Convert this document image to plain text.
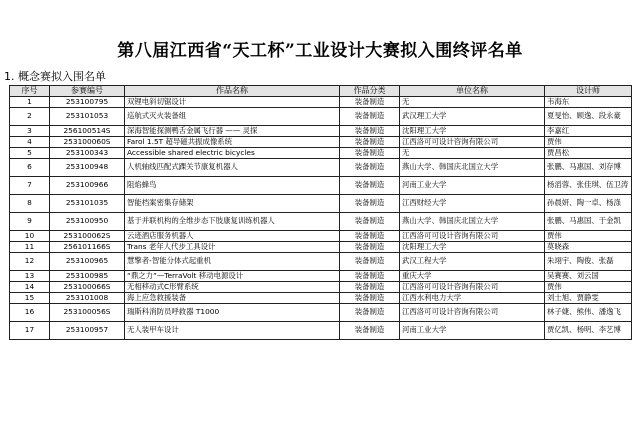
第八届江西省“天工杯”工业设计大赛拟入围终评名单
1. 概念赛拟入围名单
序号	参赛编号	作品名称	作品分类	单位名称	设计师
1	253100795	双锂电斜切锯设计	装备制造	无	韦海东
2	253101053	巡航式灭火装备组	装备制造	武汉理工大学	夏旻怡、顾逸、段永豪
3	256100514S	深海智能探测鸭舌金属飞行器 —— 灵探	装备制造	沈阳理工大学	李嘉红
4	253100060S	Farol 1.5T 超导磁共振成像系统	装备制造	江西洛可可设计咨询有限公司	贾伟
5	253100343	Accessible shared electric bicycles	装备制造	无	贾昌松
6	253100948	人机轴线匹配式踝关节康复机器人	装备制造	燕山大学、韩国庆北国立大学	张鹏、马惠国、刘存博
7	253100966	阻焰蜂鸟	装备制造	河南工业大学	杨滔蓉、张佳琪、伍卫涛
8	253101035	智能档案密集存储架	装备制造	江西财经大学	孙晨妍、陶一卓、杨涤
9	253100950	基于并联机构的全维步态下肢康复训练机器人	装备制造	燕山大学、韩国庆北国立大学	张鹏、马惠国、于金凯
10	253100062S	云迹酒店服务机器人	装备制造	江西洛可可设计咨询有限公司	贾伟
11	256101166S	Trans 老年人代步工具设计	装备制造	沈阳理工大学	莫晓森
12	253100965	慧擎者-智能分体式起重机	装备制造	武汉工程大学	朱翊宇、陶俊、张磊
13	253100985	“鼎之力”—TerraVolt 移动电源设计	装备制造	重庆大学	吴赛赛、刘云国
14	253100066S	无相移动式C形臂系统	装备制造	江西洛可可设计咨询有限公司	贾伟
15	253101008	海上应急救援装备	装备制造	江西水利电力大学	刘士旭、贾静雯
16	253100056S	瑞斯科消防员呼救器 T1000	装备制造	江西洛可可设计咨询有限公司	林子婕、熊伟、潘逸飞
17	253100957	无人装甲车设计	装备制造	河南工业大学	贾亿凯、杨明、李艺博
